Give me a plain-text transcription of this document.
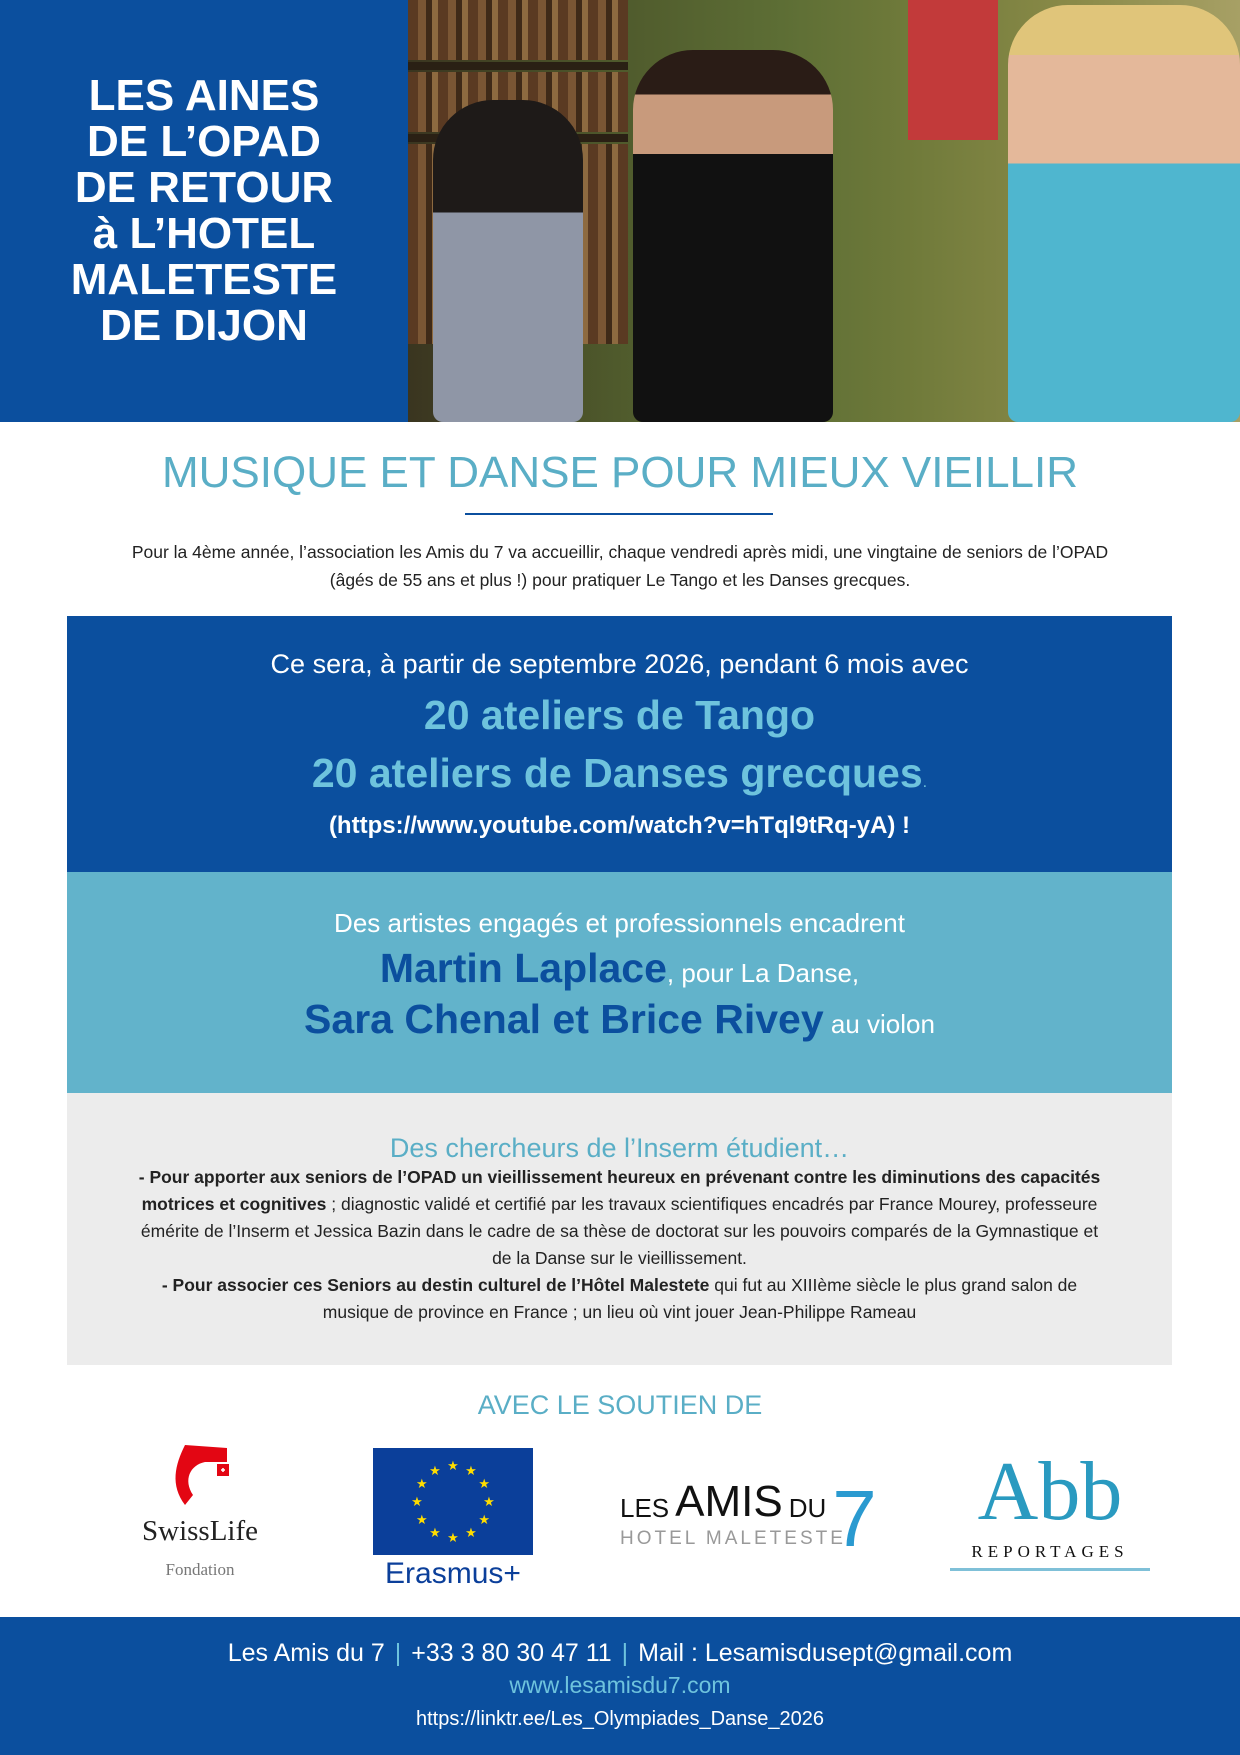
LES AINES
DE L’OPAD
DE RETOUR
à L’HOTEL
MALETESTE
DE DIJON
MUSIQUE ET DANSE POUR MIEUX VIEILLIR
Pour la 4ème année, l’association les Amis du 7 va accueillir, chaque vendredi après midi, une vingtaine de seniors de l’OPAD (âgés de 55 ans et plus !) pour pratiquer Le Tango et les Danses grecques.
Ce sera, à partir de septembre 2026, pendant 6 mois avec
20 ateliers de Tango
20 ateliers de Danses grecques.
(https://www.youtube.com/watch?v=hTql9tRq-yA) !
Des artistes engagés et professionnels encadrent
Martin Laplace, pour La Danse,
Sara Chenal et Brice Rivey au violon
Des chercheurs de l’Inserm étudient…
- Pour apporter aux seniors de l’OPAD un vieillissement heureux en prévenant contre les diminutions des capacités motrices et cognitives ; diagnostic validé et certifié par les travaux scientifiques encadrés par France Mourey, professeure émérite de l’Inserm et Jessica Bazin dans le cadre de sa thèse de doctorat sur les pouvoirs comparés de la Gymnastique et de la Danse sur le vieillissement.
- Pour associer ces Seniors au destin culturel de l’Hôtel Malestete qui fut au XIIIème siècle le plus grand salon de musique de province en France ; un lieu où vint jouer Jean-Philippe Rameau
AVEC LE SOUTIEN DE
SwissLife
Fondation
★ ★
★
★
★
★
★
★
★
★
★
★
Erasmus+
LES AMIS DU 7
HOTEL MALETESTE
Abb
REPORTAGES
Les Amis du 7 | +33 3 80 30 47 11 | Mail : Lesamisdusept@gmail.com
www.lesamisdu7.com
https://linktr.ee/Les_Olympiades_Danse_2026
